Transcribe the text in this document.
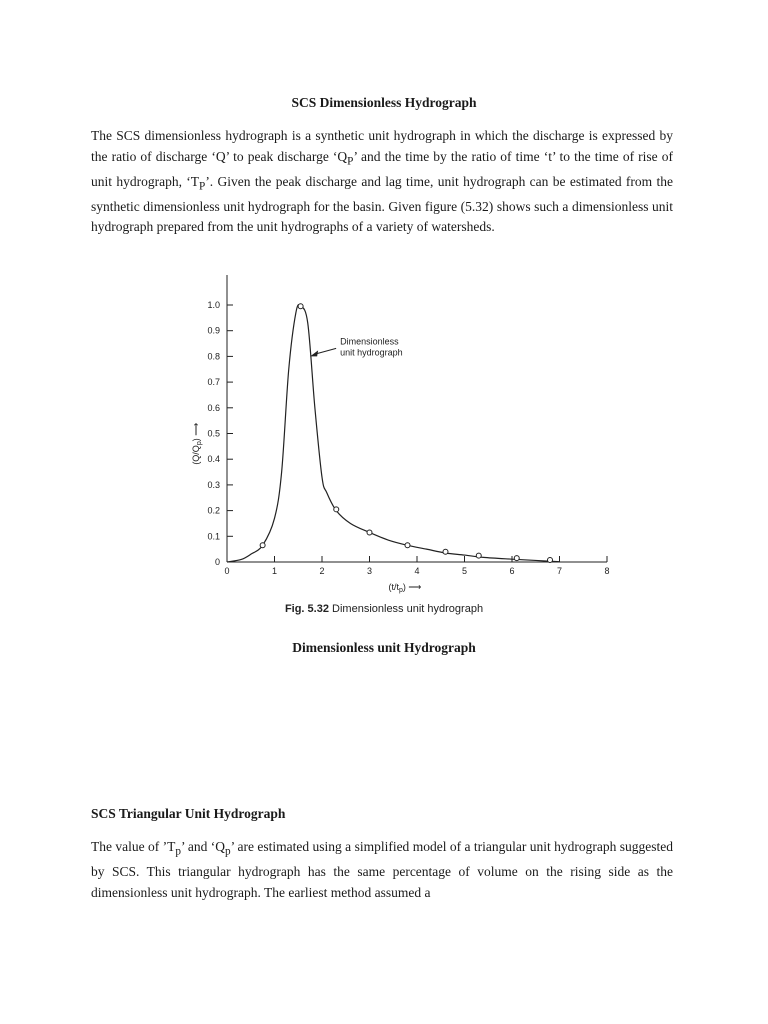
SCS Dimensionless Hydrograph

The SCS dimensionless hydrograph is a synthetic unit hydrograph in which the discharge is expressed by the ratio of discharge ‘Q’ to peak discharge ‘$Q_P$’ and the time by the ratio of time ‘t’ to the time of rise of unit hydrograph, ‘$T_P$’. Given the peak discharge and lag time, unit hydrograph can be estimated from the synthetic dimensionless unit hydrograph for the basin. Given figure (5.32) shows such a dimensionless unit hydrograph prepared from the unit hydrographs of a variety of watersheds.

0	1	2	3	4	5	6	7	8
0
0.1
0.2
0.3
0.4
0.5
0.6
0.7
0.8
0.9
1.0
$(t/t_p)$ ⟶
$(Q/Q_p)$ ⟶
Dimensionless
unit hydrograph
Fig. 5.32 Dimensionless unit hydrograph
Dimensionless unit Hydrograph
SCS Triangular Unit Hydrograph

The value of $’T_p$’ and ‘$Q_p$’ are estimated using a simplified model of a triangular unit hydrograph suggested by SCS. This triangular hydrograph has the same percentage of volume on the rising side as the dimensionless unit hydrograph. The earliest method assumed a
